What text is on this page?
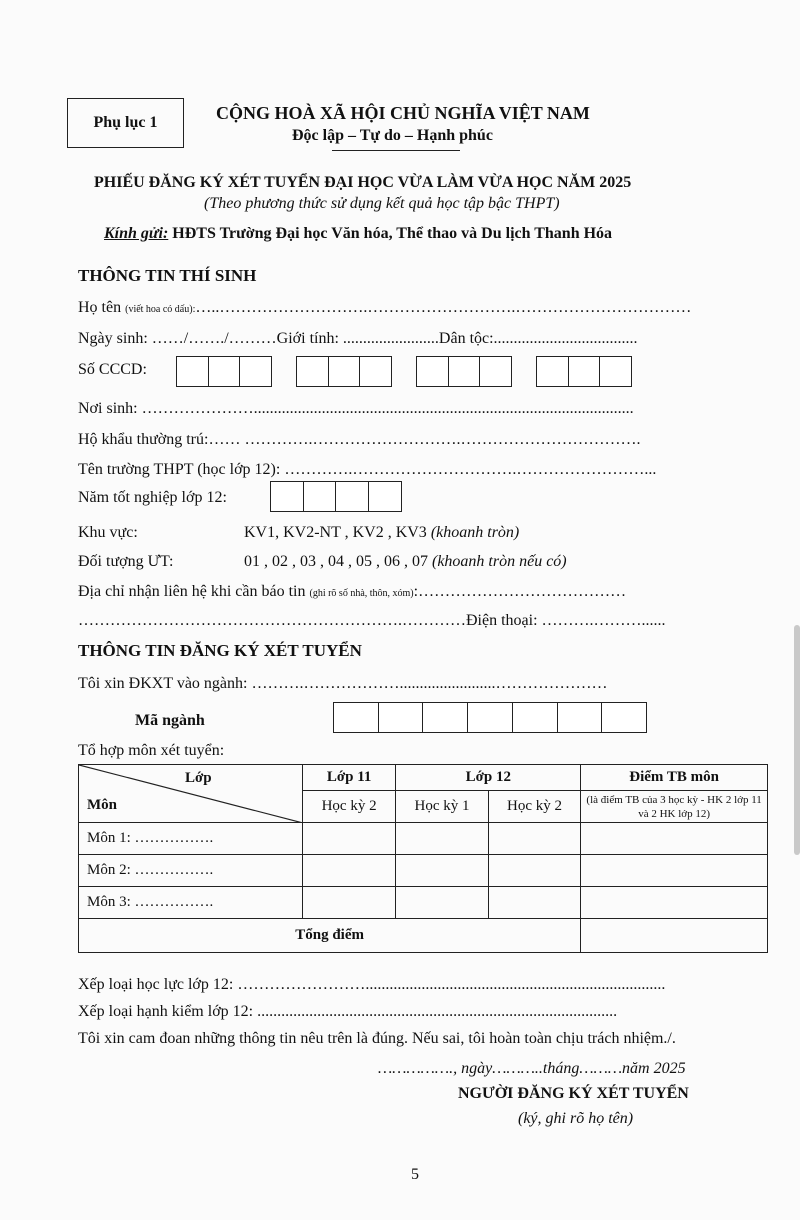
Phụ lục 1	CỘNG HOÀ XÃ HỘI CHỦ NGHĨA VIỆT NAM
Độc lập – Tự do – Hạnh phúc
PHIẾU ĐĂNG KÝ XÉT TUYỂN ĐẠI HỌC VỪA LÀM VỪA HỌC NĂM 2025
(Theo phương thức sử dụng kết quả học tập bậc THPT)
Kính gửi: HĐTS Trường Đại học Văn hóa, Thể thao và Du lịch Thanh Hóa
THÔNG TIN THÍ SINH
Họ tên (viết hoa có dấu):…..……………………….……………………….……………………………
Ngày sinh: ……/……./………Giới tính: ........................Dân tộc:....................................
Số CCCD:
Nơi sinh: …………………...............................................................................................
Hộ khẩu thường trú:…… ………….……………………….…………………………….
Tên trường THPT (học lớp 12): ………….………………………….……………………...
Năm tốt nghiệp lớp 12:
Khu vực:	KV1, KV2-NT , KV2 , KV3 (khoanh tròn)
Đối tượng ƯT:	01 , 02 , 03 , 04 , 05 , 06 , 07 (khoanh tròn nếu có)
Địa chỉ nhận liên hệ khi cần báo tin (ghi rõ số nhà, thôn, xóm):…………………………………
…………………………………………………….…………Điện thoại: ……….………......
THÔNG TIN ĐĂNG KÝ XÉT TUYỂN
Tôi xin ĐKXT vào ngành: ……….………………........................…………………
Mã ngành
Tổ hợp môn xét tuyển:
Lớp
Môn	Lớp 11	Lớp 12		Điểm TB môn
	Học kỳ 2	Học kỳ 1	Học kỳ 2	(là điểm TB của 3 học kỳ - HK 2 lớp 11 và 2 HK lớp 12)
Môn 1: …………….				
Môn 2: …………….				
Môn 3: …………….				
Tổng điểm				
Xếp loại học lực lớp 12: ……………………...........................................................................
Xếp loại hạnh kiểm lớp 12: ..........................................................................................
Tôi xin cam đoan những thông tin nêu trên là đúng. Nếu sai, tôi hoàn toàn chịu trách nhiệm./.
……………., ngày………..tháng………năm 2025
NGƯỜI ĐĂNG KÝ XÉT TUYỂN
(ký, ghi rõ họ tên)
5
